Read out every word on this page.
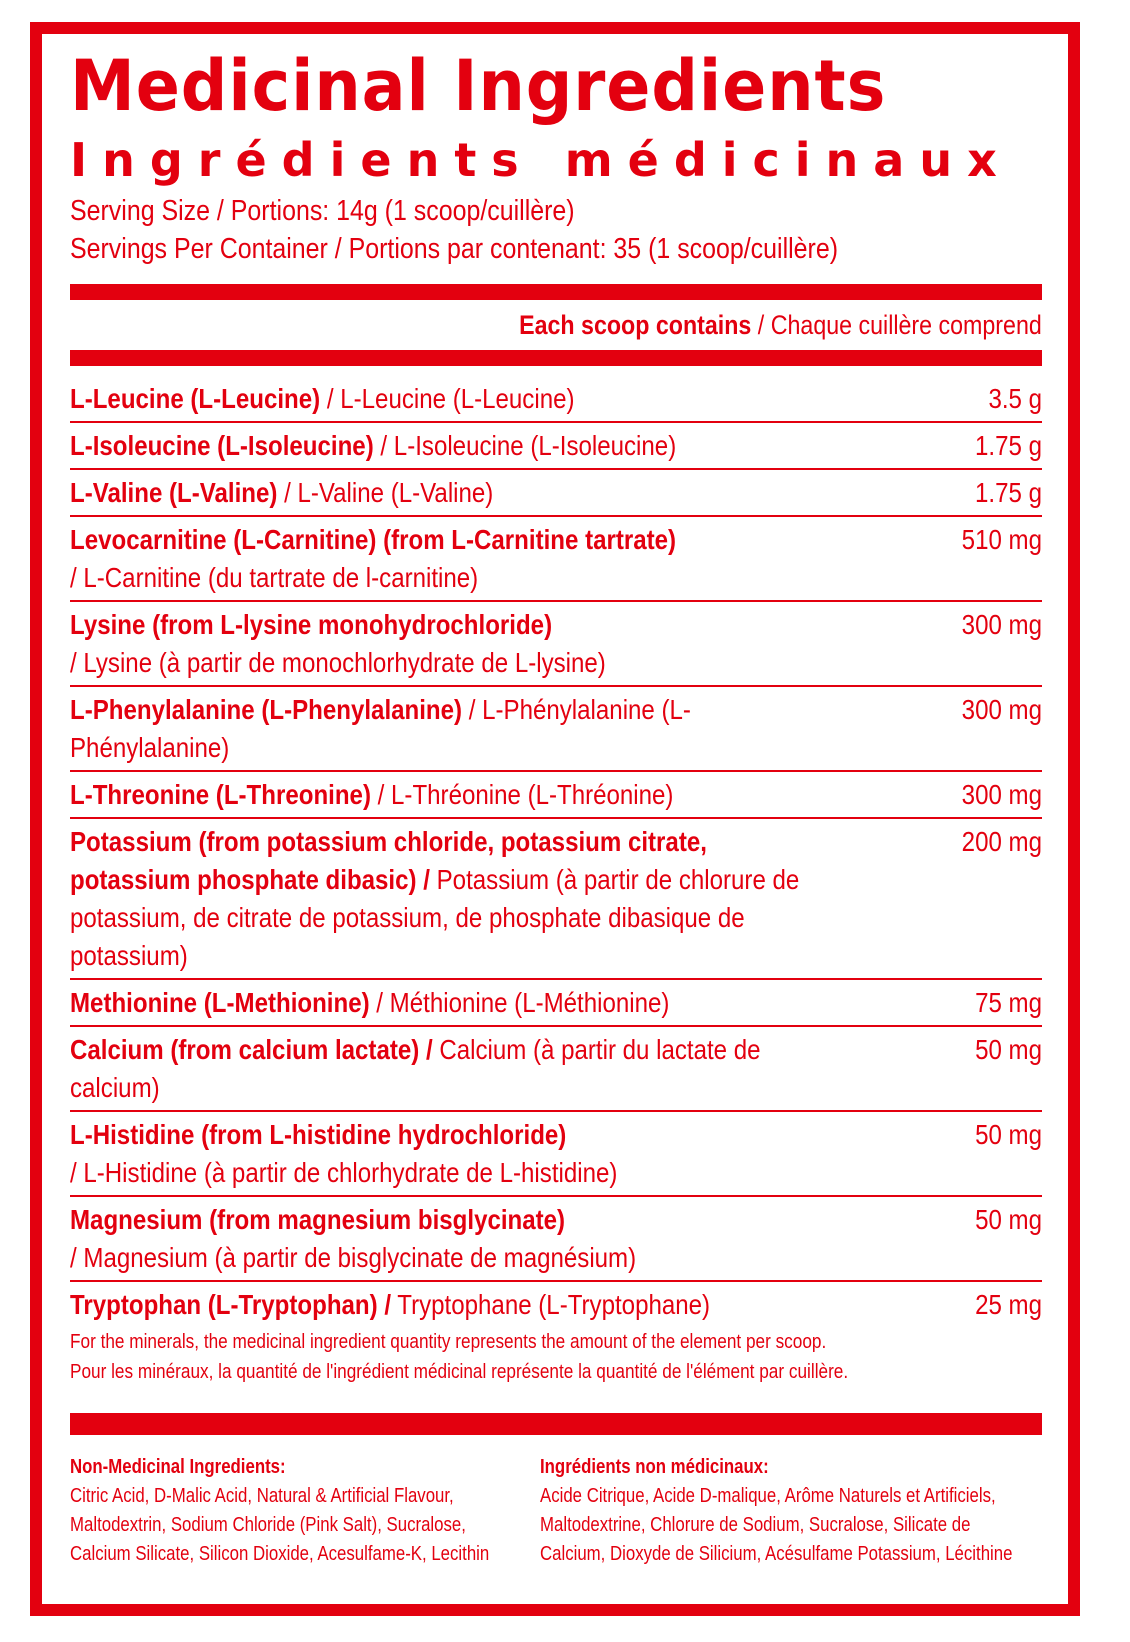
Medicinal Ingredients
Ingrédients médicinaux
Serving Size / Portions: 14g (1 scoop/cuillère)
Servings Per Container / Portions par contenant: 35 (1 scoop/cuillère)
Each scoop contains / Chaque cuillère comprend
L-Leucine (L-Leucine) / L-Leucine (L-Leucine)	3.5 g
L-Isoleucine (L-Isoleucine) / L-Isoleucine (L-Isoleucine)	1.75 g
L-Valine (L-Valine) / L-Valine (L-Valine)	1.75 g
Levocarnitine (L-Carnitine) (from L-Carnitine tartrate)
/ L-Carnitine (du tartrate de l-carnitine)
510 mg
Lysine (from L-lysine monohydrochloride)
/ Lysine (à partir de monochlorhydrate de L-lysine)
300 mg
L-Phenylalanine (L-Phenylalanine) / L-Phénylalanine (L-Phénylalanine)
300 mg
L-Threonine (L-Threonine) / L-Thréonine (L-Thréonine)	300 mg
Potassium (from potassium chloride, potassium citrate, potassium phosphate dibasic) / Potassium (à partir de chlorure de potassium, de citrate de potassium, de phosphate dibasique de potassium)
200 mg
Methionine (L-Methionine) / Méthionine (L-Méthionine)	75 mg
Calcium (from calcium lactate) / Calcium (à partir du lactate de calcium)
50 mg
L-Histidine (from L-histidine hydrochloride)
/ L-Histidine (à partir de chlorhydrate de L-histidine)
50 mg
Magnesium (from magnesium bisglycinate)
/ Magnesium (à partir de bisglycinate de magnésium)
50 mg
Tryptophan (L-Tryptophan) / Tryptophane (L-Tryptophane)	25 mg
For the minerals, the medicinal ingredient quantity represents the amount of the element per scoop.
Pour les minéraux, la quantité de l'ingrédient médicinal représente la quantité de l'élément par cuillère.
Non-Medicinal Ingredients:
Citric Acid, D-Malic Acid, Natural & Artificial Flavour,
Maltodextrin, Sodium Chloride (Pink Salt), Sucralose,
Calcium Silicate, Silicon Dioxide, Acesulfame-K, Lecithin
Ingrédients non médicinaux:
Acide Citrique, Acide D-malique, Arôme Naturels et Artificiels,
Maltodextrine, Chlorure de Sodium, Sucralose, Silicate de
Calcium, Dioxyde de Silicium, Acésulfame Potassium, Lécithine
